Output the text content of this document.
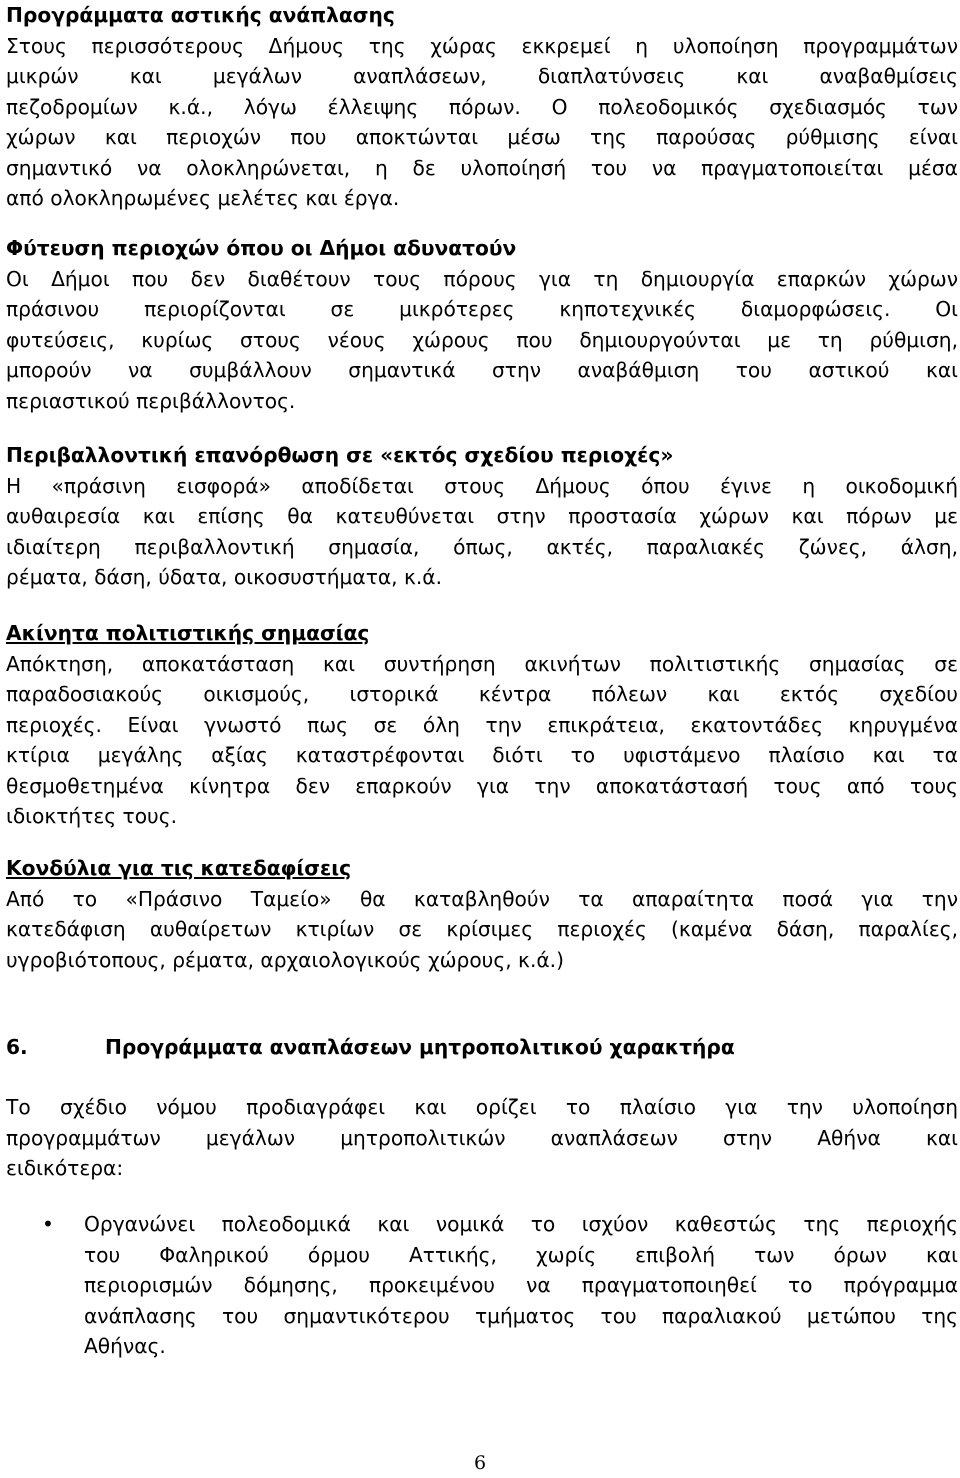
Προγράμματα αστικής ανάπλασης
Στους περισσότερους Δήμους της χώρας εκκρεμεί η υλοποίηση προγραμμάτων
μικρών και μεγάλων αναπλάσεων, διαπλατύνσεις και αναβαθμίσεις
πεζοδρομίων κ.ά., λόγω έλλειψης πόρων. Ο πολεοδομικός σχεδιασμός των
χώρων και περιοχών που αποκτώνται μέσω της παρούσας ρύθμισης είναι
σημαντικό να ολοκληρώνεται, η δε υλοποίησή του να πραγματοποιείται μέσα
από ολοκληρωμένες μελέτες και έργα.
Φύτευση περιοχών όπου οι Δήμοι αδυνατούν
Οι Δήμοι που δεν διαθέτουν τους πόρους για τη δημιουργία επαρκών χώρων
πράσινου περιορίζονται σε μικρότερες κηποτεχνικές διαμορφώσεις. Οι
φυτεύσεις, κυρίως στους νέους χώρους που δημιουργούνται με τη ρύθμιση,
μπορούν να συμβάλλουν σημαντικά στην αναβάθμιση του αστικού και
περιαστικού περιβάλλοντος.
Περιβαλλοντική επανόρθωση σε «εκτός σχεδίου περιοχές»
Η «πράσινη εισφορά» αποδίδεται στους Δήμους όπου έγινε η οικοδομική
αυθαιρεσία και επίσης θα κατευθύνεται στην προστασία χώρων και πόρων με
ιδιαίτερη περιβαλλοντική σημασία, όπως, ακτές, παραλιακές ζώνες, άλση,
ρέματα, δάση, ύδατα, οικοσυστήματα, κ.ά.
Ακίνητα πολιτιστικής σημασίας
Απόκτηση, αποκατάσταση και συντήρηση ακινήτων πολιτιστικής σημασίας σε
παραδοσιακούς οικισμούς, ιστορικά κέντρα πόλεων και εκτός σχεδίου
περιοχές. Είναι γνωστό πως σε όλη την επικράτεια, εκατοντάδες κηρυγμένα
κτίρια μεγάλης αξίας καταστρέφονται διότι το υφιστάμενο πλαίσιο και τα
θεσμοθετημένα κίνητρα δεν επαρκούν για την αποκατάστασή τους από τους
ιδιοκτήτες τους.
Κονδύλια για τις κατεδαφίσεις
Από το «Πράσινο Ταμείο» θα καταβληθούν τα απαραίτητα ποσά για την
κατεδάφιση αυθαίρετων κτιρίων σε κρίσιμες περιοχές (καμένα δάση, παραλίες,
υγροβιότοπους, ρέματα, αρχαιολογικούς χώρους, κ.ά.)
6.	Προγράμματα αναπλάσεων μητροπολιτικού χαρακτήρα
Το σχέδιο νόμου προδιαγράφει και ορίζει το πλαίσιο για την υλοποίηση
προγραμμάτων μεγάλων μητροπολιτικών αναπλάσεων στην Αθήνα και
ειδικότερα:
• Οργανώνει πολεοδομικά και νομικά το ισχύον καθεστώς της περιοχής
του Φαληρικού όρμου Αττικής, χωρίς επιβολή των όρων και
περιορισμών δόμησης, προκειμένου να πραγματοποιηθεί το πρόγραμμα
ανάπλασης του σημαντικότερου τμήματος του παραλιακού μετώπου της
Αθήνας.
6
